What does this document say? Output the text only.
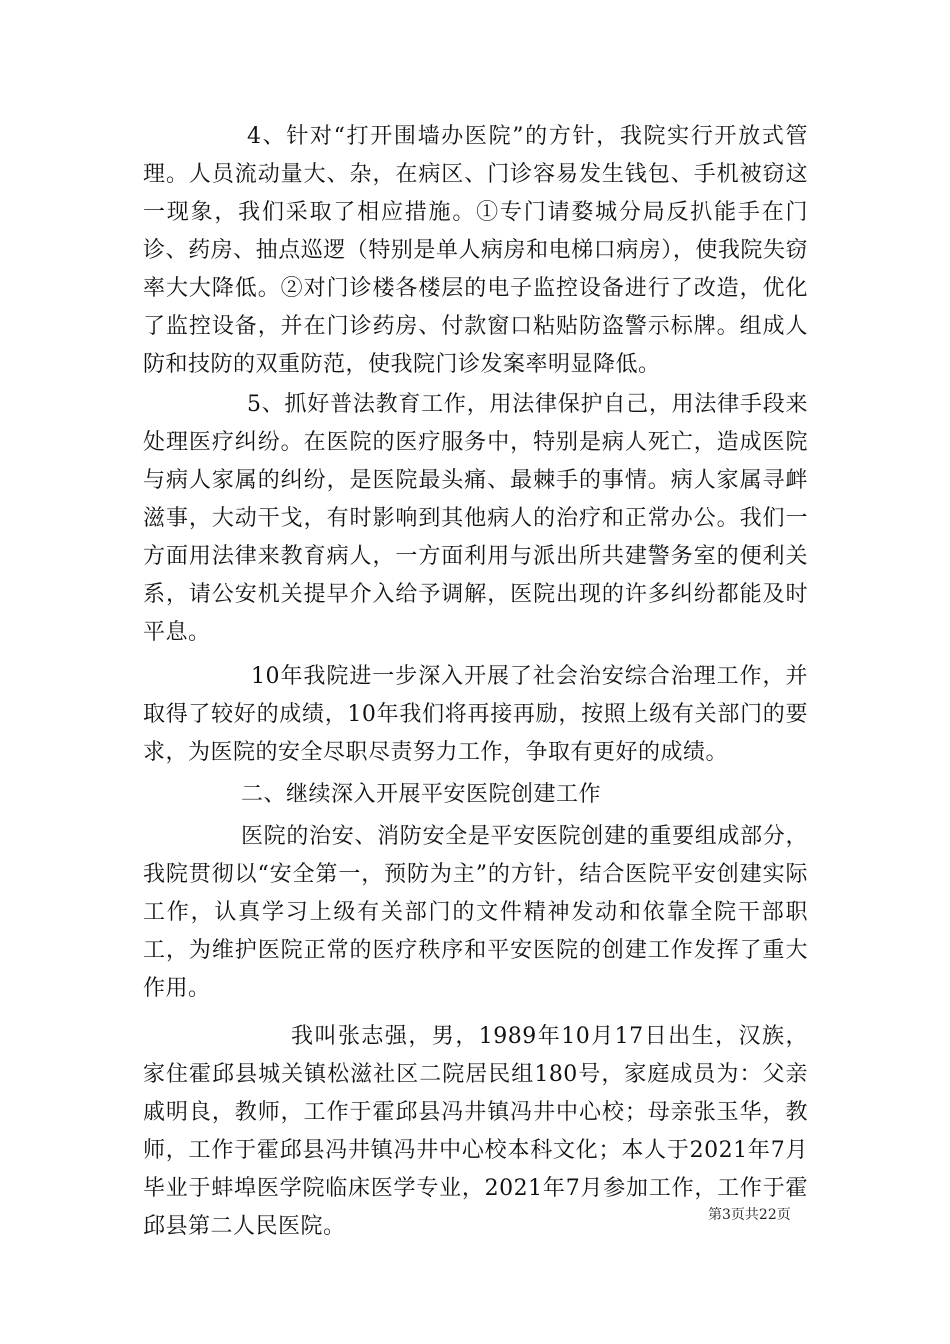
4、针对“打开围墙办医院”的方针，我院实行开放式管理。人员流动量大、杂，在病区、门诊容易发生钱包、手机被窃这一现象，我们采取了相应措施。①专门请婺城分局反扒能手在门诊、药房、抽点巡逻（特别是单人病房和电梯口病房），使我院失窃率大大降低。②对门诊楼各楼层的电子监控设备进行了改造，优化了监控设备，并在门诊药房、付款窗口粘贴防盗警示标牌。组成人防和技防的双重防范，使我院门诊发案率明显降低。

5、抓好普法教育工作，用法律保护自己，用法律手段来处理医疗纠纷。在医院的医疗服务中，特别是病人死亡，造成医院与病人家属的纠纷，是医院最头痛、最棘手的事情。病人家属寻衅滋事，大动干戈，有时影响到其他病人的治疗和正常办公。我们一方面用法律来教育病人，一方面利用与派出所共建警务室的便利关系，请公安机关提早介入给予调解，医院出现的许多纠纷都能及时平息。

10年我院进一步深入开展了社会治安综合治理工作，并取得了较好的成绩，10年我们将再接再励，按照上级有关部门的要求，为医院的安全尽职尽责努力工作，争取有更好的成绩。

二、继续深入开展平安医院创建工作

医院的治安、消防安全是平安医院创建的重要组成部分，我院贯彻以“安全第一，预防为主”的方针，结合医院平安创建实际工作，认真学习上级有关部门的文件精神发动和依靠全院干部职工，为维护医院正常的医疗秩序和平安医院的创建工作发挥了重大作用。

我叫张志强，男，1989年10月17日出生，汉族，家住霍邱县城关镇松滋社区二院居民组180号，家庭成员为：父亲戚明良，教师，工作于霍邱县冯井镇冯井中心校；母亲张玉华，教师，工作于霍邱县冯井镇冯井中心校本科文化；本人于2021年7月毕业于蚌埠医学院临床医学专业，2021年7月参加工作，工作于霍邱县第二人民医院。	第3页共22页
